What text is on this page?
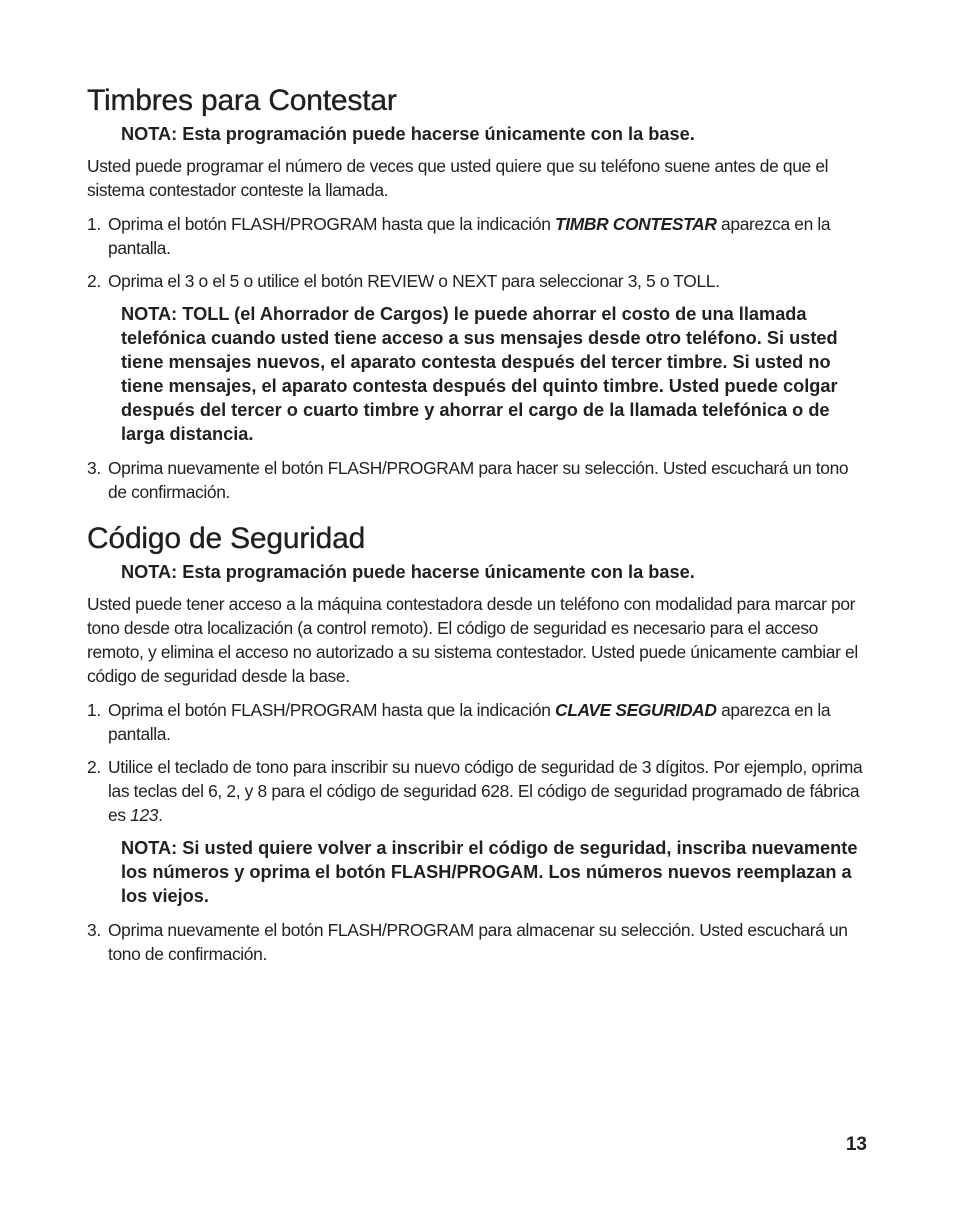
Timbres para Contestar
NOTA: Esta programación puede hacerse únicamente con la base.

Usted puede programar el número de veces que usted quiere que su teléfono suene antes de que el sistema contestador conteste la llamada.

1. Oprima el botón FLASH/PROGRAM hasta que la indicación TIMBR CONTESTAR aparezca en la pantalla.
2. Oprima el 3 o el 5 o utilice el botón REVIEW o NEXT para seleccionar 3, 5 o TOLL.
NOTA: TOLL (el Ahorrador de Cargos) le puede ahorrar el costo de una llamada telefónica cuando usted tiene acceso a sus mensajes desde otro teléfono. Si usted tiene mensajes nuevos, el aparato contesta después del tercer timbre. Si usted no tiene mensajes, el aparato contesta después del quinto timbre. Usted puede colgar después del tercer o cuarto timbre y ahorrar el cargo de la llamada telefónica o de larga distancia.
3. Oprima nuevamente el botón FLASH/PROGRAM para hacer su selección. Usted escuchará un tono de confirmación.
Código de Seguridad
NOTA: Esta programación puede hacerse únicamente con la base.

Usted puede tener acceso a la máquina contestadora desde un teléfono con modalidad para marcar por tono desde otra localización (a control remoto). El código de seguridad es necesario para el acceso remoto, y elimina el acceso no autorizado a su sistema contestador. Usted puede únicamente cambiar el código de seguridad desde la base.

1. Oprima el botón FLASH/PROGRAM hasta que la indicación CLAVE SEGURIDAD aparezca en la pantalla.
2. Utilice el teclado de tono para inscribir su nuevo código de seguridad de 3 dígitos. Por ejemplo, oprima las teclas del 6, 2, y 8 para el código de seguridad 628. El código de seguridad programado de fábrica es 123.
NOTA: Si usted quiere volver a inscribir el código de seguridad, inscriba nuevamente los números y oprima el botón FLASH/PROGAM. Los números nuevos reemplazan a los viejos.
3. Oprima nuevamente el botón FLASH/PROGRAM para almacenar su selección. Usted escuchará un tono de confirmación.
13
